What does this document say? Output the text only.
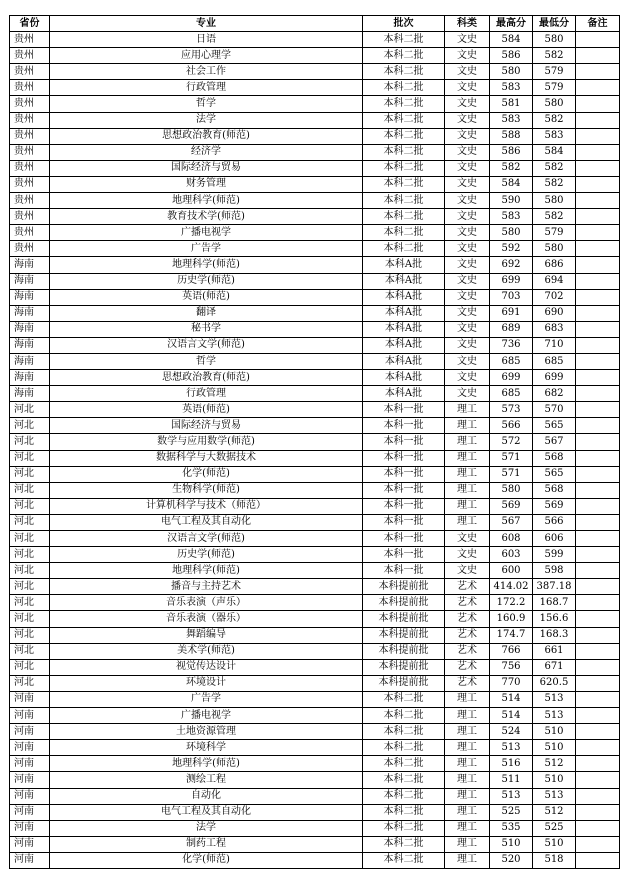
省份	专业	批次	科类	最高分	最低分	备注
贵州	日语	本科二批	文史	584	580	
贵州	应用心理学	本科二批	文史	586	582	
贵州	社会工作	本科二批	文史	580	579	
贵州	行政管理	本科二批	文史	583	579	
贵州	哲学	本科二批	文史	581	580	
贵州	法学	本科二批	文史	583	582	
贵州	思想政治教育(师范)	本科二批	文史	588	583	
贵州	经济学	本科二批	文史	586	584	
贵州	国际经济与贸易	本科二批	文史	582	582	
贵州	财务管理	本科二批	文史	584	582	
贵州	地理科学(师范)	本科二批	文史	590	580	
贵州	教育技术学(师范)	本科二批	文史	583	582	
贵州	广播电视学	本科二批	文史	580	579	
贵州	广告学	本科二批	文史	592	580	
海南	地理科学(师范)	本科A批	文史	692	686	
海南	历史学(师范)	本科A批	文史	699	694	
海南	英语(师范)	本科A批	文史	703	702	
海南	翻译	本科A批	文史	691	690	
海南	秘书学	本科A批	文史	689	683	
海南	汉语言文学(师范)	本科A批	文史	736	710	
海南	哲学	本科A批	文史	685	685	
海南	思想政治教育(师范)	本科A批	文史	699	699	
海南	行政管理	本科A批	文史	685	682	
河北	英语(师范)	本科一批	理工	573	570	
河北	国际经济与贸易	本科一批	理工	566	565	
河北	数学与应用数学(师范)	本科一批	理工	572	567	
河北	数据科学与大数据技术	本科一批	理工	571	568	
河北	化学(师范)	本科一批	理工	571	565	
河北	生物科学(师范)	本科一批	理工	580	568	
河北	计算机科学与技术（师范）	本科一批	理工	569	569	
河北	电气工程及其自动化	本科一批	理工	567	566	
河北	汉语言文学(师范)	本科一批	文史	608	606	
河北	历史学(师范)	本科一批	文史	603	599	
河北	地理科学(师范)	本科一批	文史	600	598	
河北	播音与主持艺术	本科提前批	艺术	414.02	387.18	
河北	音乐表演（声乐）	本科提前批	艺术	172.2	168.7	
河北	音乐表演（器乐）	本科提前批	艺术	160.9	156.6	
河北	舞蹈编导	本科提前批	艺术	174.7	168.3	
河北	美术学(师范)	本科提前批	艺术	766	661	
河北	视觉传达设计	本科提前批	艺术	756	671	
河北	环境设计	本科提前批	艺术	770	620.5	
河南	广告学	本科二批	理工	514	513	
河南	广播电视学	本科二批	理工	514	513	
河南	土地资源管理	本科二批	理工	524	510	
河南	环境科学	本科二批	理工	513	510	
河南	地理科学(师范)	本科二批	理工	516	512	
河南	测绘工程	本科二批	理工	511	510	
河南	自动化	本科二批	理工	513	513	
河南	电气工程及其自动化	本科二批	理工	525	512	
河南	法学	本科二批	理工	535	525	
河南	制药工程	本科二批	理工	510	510	
河南	化学(师范)	本科二批	理工	520	518	
